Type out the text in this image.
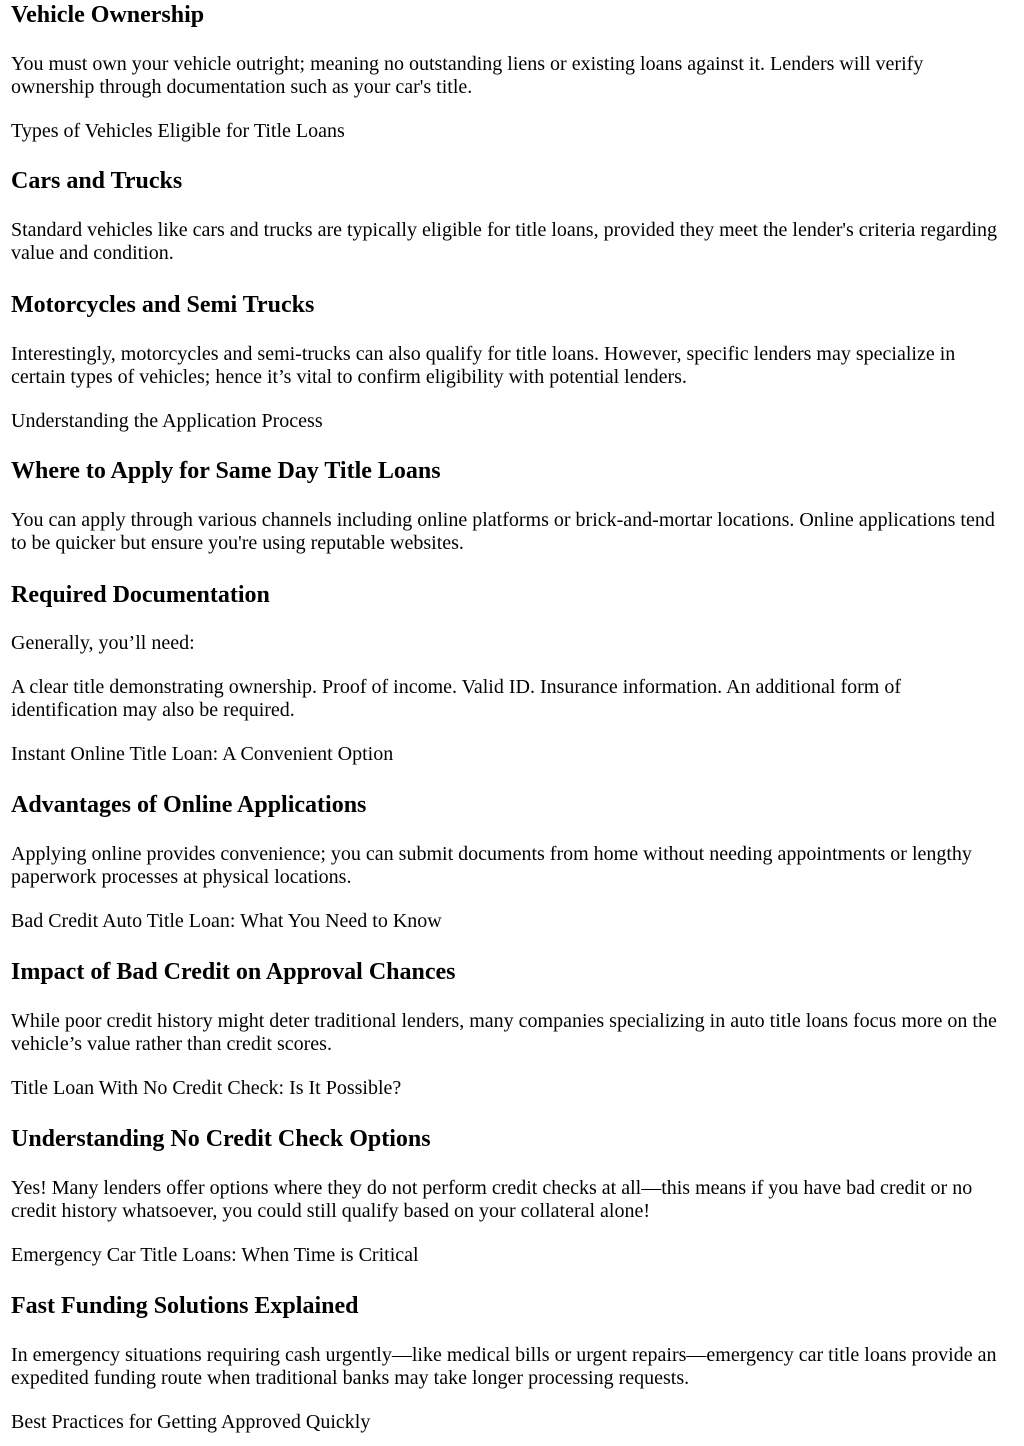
Vehicle Ownership
You must own your vehicle outright; meaning no outstanding liens or existing loans against it. Lenders will verify ownership through documentation such as your car's title.
Types of Vehicles Eligible for Title Loans
Cars and Trucks
Standard vehicles like cars and trucks are typically eligible for title loans, provided they meet the lender's criteria regarding value and condition.
Motorcycles and Semi Trucks
Interestingly, motorcycles and semi-trucks can also qualify for title loans. However, specific lenders may specialize in certain types of vehicles; hence it’s vital to confirm eligibility with potential lenders.
Understanding the Application Process
Where to Apply for Same Day Title Loans
You can apply through various channels including online platforms or brick-and-mortar locations. Online applications tend to be quicker but ensure you're using reputable websites.
Required Documentation
Generally, you’ll need:
A clear title demonstrating ownership. Proof of income. Valid ID. Insurance information. An additional form of identification may also be required.
Instant Online Title Loan: A Convenient Option
Advantages of Online Applications
Applying online provides convenience; you can submit documents from home without needing appointments or lengthy paperwork processes at physical locations.
Bad Credit Auto Title Loan: What You Need to Know
Impact of Bad Credit on Approval Chances
While poor credit history might deter traditional lenders, many companies specializing in auto title loans focus more on the vehicle’s value rather than credit scores.
Title Loan With No Credit Check: Is It Possible?
Understanding No Credit Check Options
Yes! Many lenders offer options where they do not perform credit checks at all—this means if you have bad credit or no credit history whatsoever, you could still qualify based on your collateral alone!
Emergency Car Title Loans: When Time is Critical
Fast Funding Solutions Explained
In emergency situations requiring cash urgently—like medical bills or urgent repairs—emergency car title loans provide an expedited funding route when traditional banks may take longer processing requests.
Best Practices for Getting Approved Quickly
